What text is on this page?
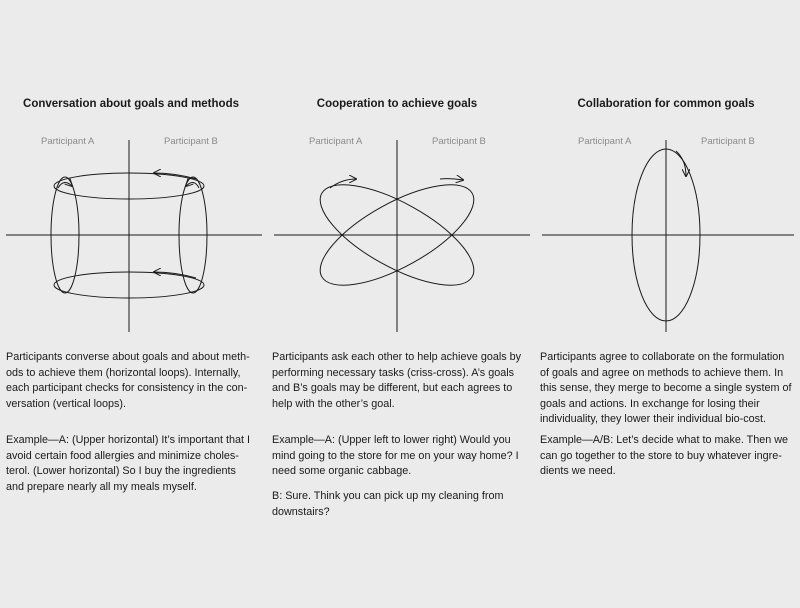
Conversation about goals and methods
Participant A	Participant B

Participants converse about goals and about meth-ods to achieve them (horizontal loops). Internally, each participant checks for consistency in the con-versation (vertical loops).

Example—A: (Upper horizontal) It’s important that I avoid certain food allergies and minimize choles-terol. (Lower horizontal) So I buy the ingredients and prepare nearly all my meals myself.

Cooperation to achieve goals
Participant A	Participant B

Participants ask each other to help achieve goals by performing necessary tasks (criss-cross). A’s goals and B’s goals may be different, but each agrees to help with the other’s goal.

Example—A: (Upper left to lower right) Would you mind going to the store for me on your way home? I need some organic cabbage.

B: Sure. Think you can pick up my cleaning from downstairs?

Collaboration for common goals
Participant A	Participant B

Participants agree to collaborate on the formulation of goals and agree on methods to achieve them. In this sense, they merge to become a single system of goals and actions. In exchange for losing their individuality, they lower their individual bio-cost.

Example—A/B: Let’s decide what to make. Then we can go together to the store to buy whatever ingre-dients we need.
